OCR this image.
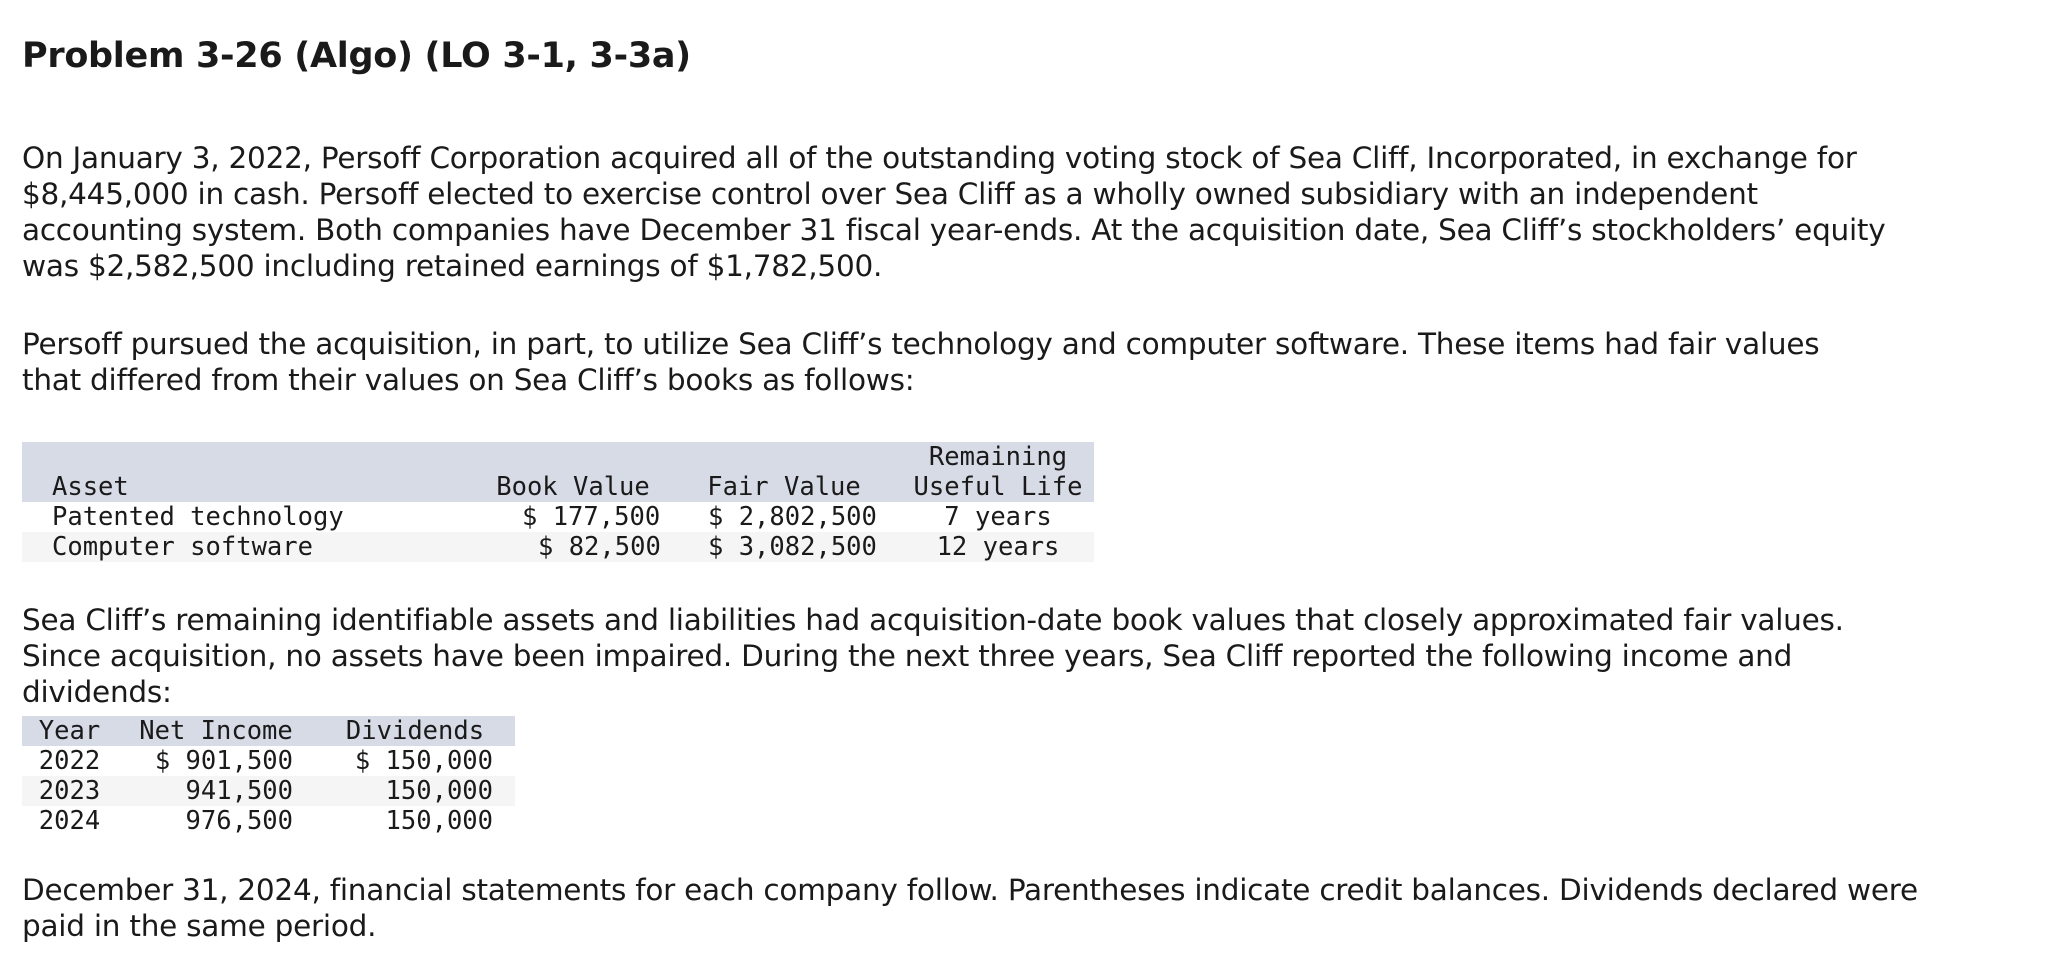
Problem 3-26 (Algo) (LO 3-1, 3-3a)

On January 3, 2022, Persoff Corporation acquired all of the outstanding voting stock of Sea Cliff, Incorporated, in exchange for $8,445,000 in cash. Persoff elected to exercise control over Sea Cliff as a wholly owned subsidiary with an independent accounting system. Both companies have December 31 fiscal year-ends. At the acquisition date, Sea Cliff’s stockholders’ equity was $2,582,500 including retained earnings of $1,782,500.

Persoff pursued the acquisition, in part, to utilize Sea Cliff’s technology and computer software. These items had fair values that differed from their values on Sea Cliff’s books as follows:

				Remaining
	Asset	Book Value	Fair Value	Useful Life
	Patented technology	$ 177,500	$ 2,802,500	7 years
	Computer software	$ 82,500	$ 3,082,500	12 years

Sea Cliff’s remaining identifiable assets and liabilities had acquisition-date book values that closely approximated fair values. Since acquisition, no assets have been impaired. During the next three years, Sea Cliff reported the following income and dividends:

Year	Net Income	Dividends
2022	$ 901,500	$ 150,000
2023	941,500	150,000
2024	976,500	150,000

December 31, 2024, financial statements for each company follow. Parentheses indicate credit balances. Dividends declared were paid in the same period.
